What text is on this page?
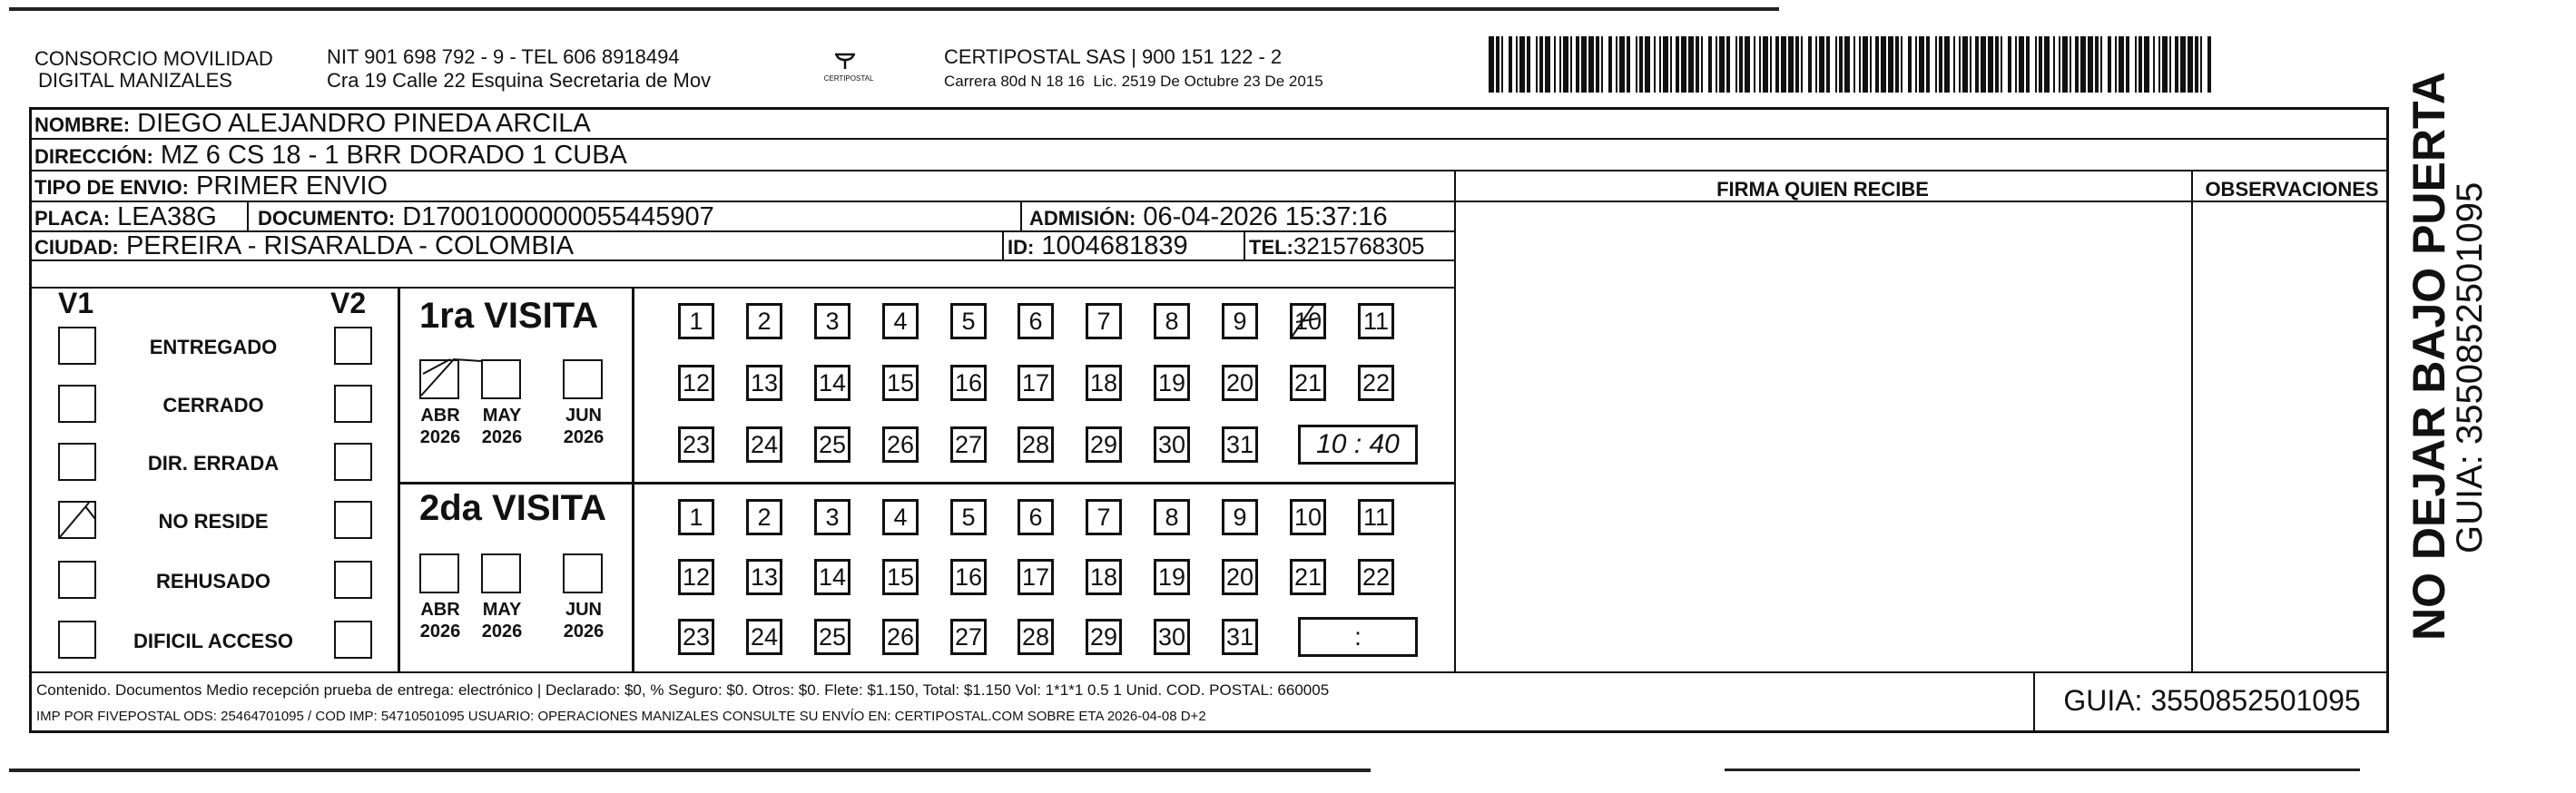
CONSORCIO MOVILIDAD
DIGITAL MANIZALES
NIT 901 698 792 - 9 - TEL 606 8918494
Cra 19 Calle 22 Esquina Secretaria de Mov	CERTIPOSTAL
CERTIPOSTAL SAS | 900 151 122 - 2
Carrera 80d N 18 16  Lic. 2519 De Octubre 23 De 2015
NOMBRE: DIEGO ALEJANDRO PINEDA ARCILA
DIRECCIÓN: MZ 6 CS 18 - 1 BRR DORADO 1 CUBA
TIPO DE ENVIO: PRIMER ENVIO	FIRMA QUIEN RECIBE	OBSERVACIONES
PLACA: LEA38G DOCUMENTO: D17001000000055445907	ADMISIÓN: 06-04-2026 15:37:16
CIUDAD: PEREIRA - RISARALDA - COLOMBIA	ID: 1004681839	TEL:3215768305
V1	V2
ENTREGADO
CERRADO
DIR. ERRADA
NO RESIDE
REHUSADO
DIFICIL ACCESO
1ra VISITA
2da VISITA
ABR
2026
MAY
2026
JUN
2026
ABR
2026
MAY
2026
JUN
2026
1	2	3	4	5	6	7	8	9	10 11
12 13 14 15 16 17 18 19 20 21 22
23 24 25 26 27 28 29 30 31	10 : 40
1	2	3	4	5	6	7	8	9	10 11
12 13 14 15 16 17 18 19 20 21 22
23 24 25 26 27 28 29 30 31	:
Contenido. Documentos Medio recepción prueba de entrega: electrónico | Declarado: $0, % Seguro: $0. Otros: $0. Flete: $1.150, Total: $1.150 Vol: 1*1*1 0.5 1 Unid. COD. POSTAL: 660005
IMP POR FIVEPOSTAL ODS: 25464701095 / COD IMP: 54710501095 USUARIO: OPERACIONES MANIZALES CONSULTE SU ENVÍO EN: CERTIPOSTAL.COM SOBRE ETA 2026-04-08 D+2	GUIA: 3550852501095
NO DEJAR BAJO PUERTA
GUIA: 3550852501095
